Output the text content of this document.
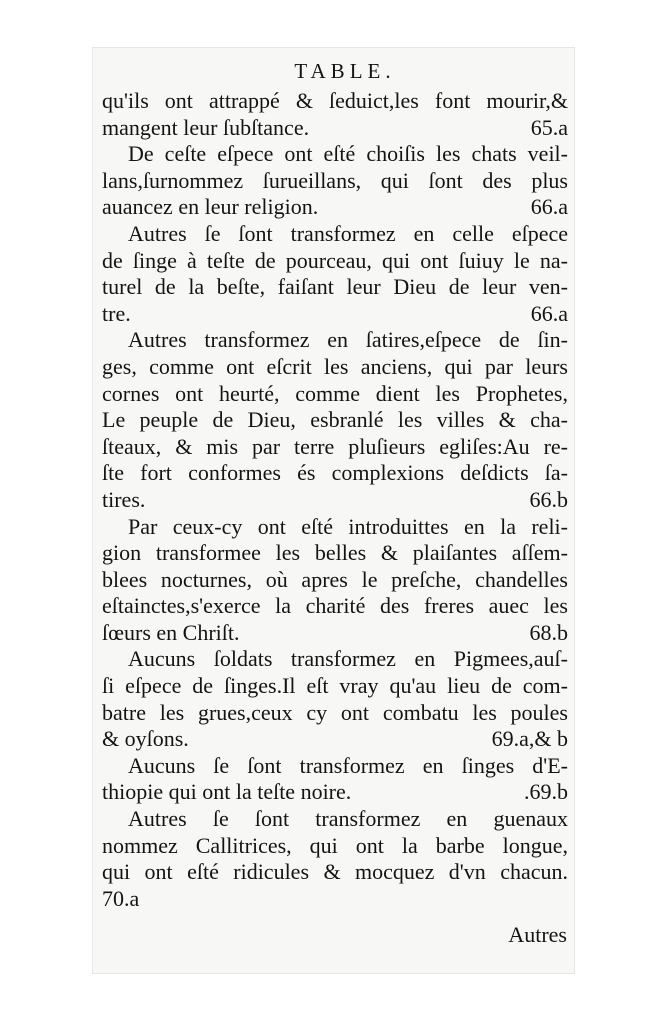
TABLE.
qu'ils ont attrappé & ſeduict,les font mourir,&
mangent leur ſubſtance.	65.a
De ceſte eſpece ont eſté choiſis les chats veil-
lans,ſurnommez ſurueillans, qui ſont des plus
auancez en leur religion.	66.a
Autres ſe ſont transformez en celle eſpece
de ſinge à teſte de pourceau, qui ont ſuiuy le na-
turel de la beſte, faiſant leur Dieu de leur ven-
tre.	66.a
Autres transformez en ſatires,eſpece de ſin-
ges, comme ont eſcrit les anciens, qui par leurs
cornes ont heurté, comme dient les Prophetes,
Le peuple de Dieu, esbranlé les villes & cha-
ſteaux, & mis par terre pluſieurs egliſes:Au re-
ſte fort conformes és complexions deſdicts ſa-
tires.	66.b
Par ceux-cy ont eſté introduittes en la reli-
gion transformee les belles & plaiſantes aſſem-
blees nocturnes, où apres le preſche, chandelles
eſtainctes,s'exerce la charité des freres auec les
ſœurs en Chriſt.	68.b
Aucuns ſoldats transformez en Pigmees,auſ-
ſi eſpece de ſinges.Il eſt vray qu'au lieu de com-
batre les grues,ceux cy ont combatu les poules
& oyſons.	69.a,& b
Aucuns ſe ſont transformez en ſinges d'E-
thiopie qui ont la teſte noire.	.69.b
Autres ſe ſont transformez en guenaux
nommez Callitrices, qui ont la barbe longue,
qui ont eſté ridicules & mocquez d'vn chacun.
70.a
Autres
